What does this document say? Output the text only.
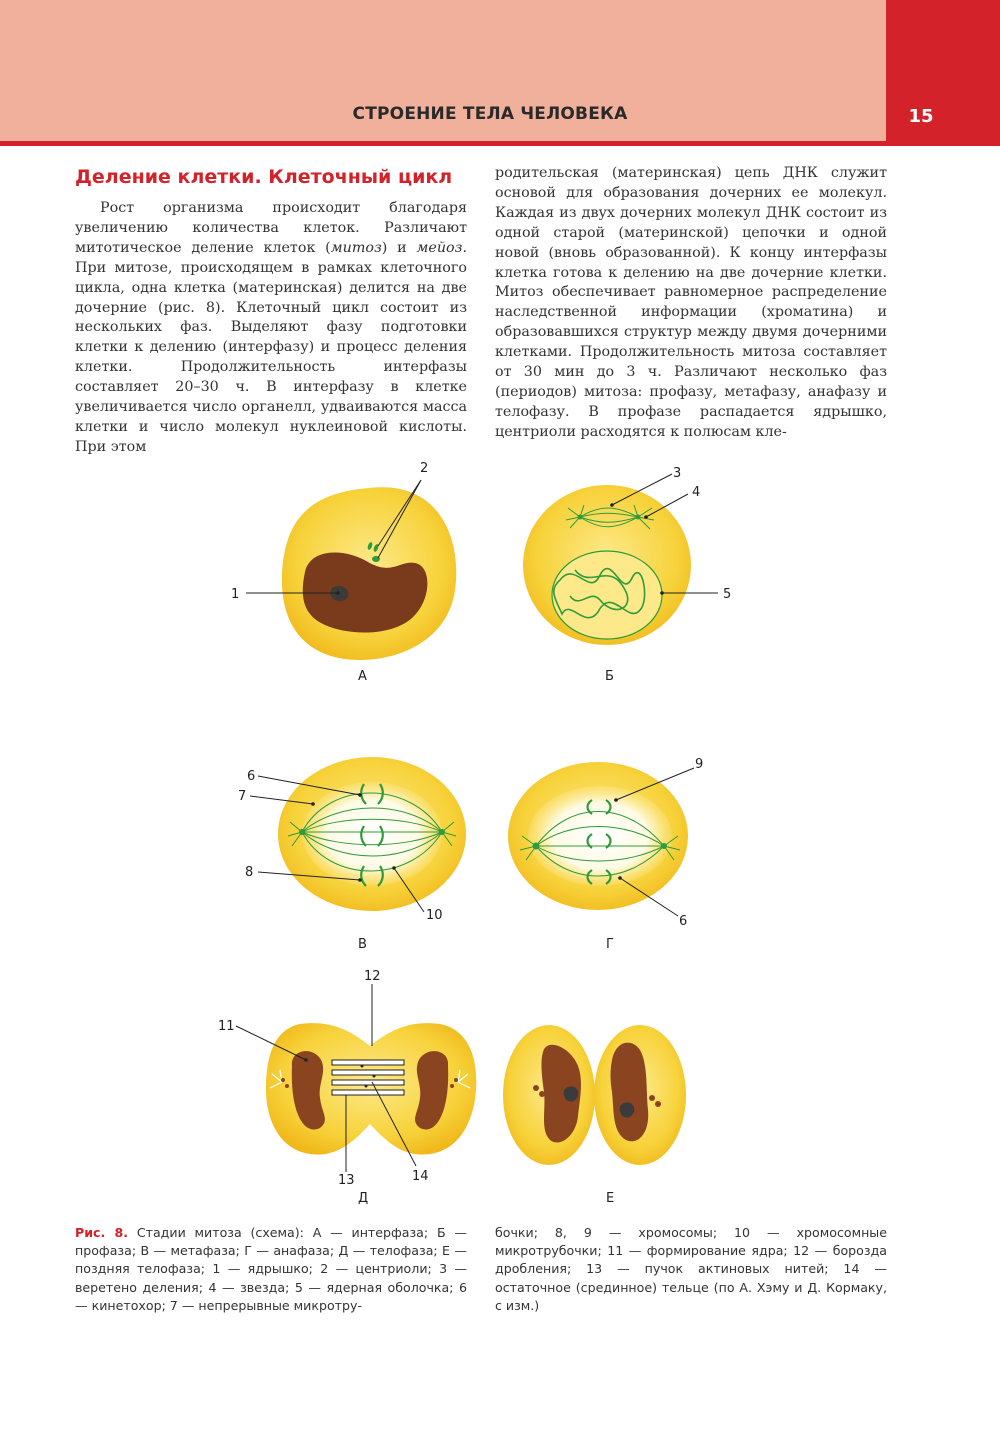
СТРОЕНИЕ ТЕЛА ЧЕЛОВЕКА	15
Деление клетки. Клеточный цикл

Рост организма происходит благодаря увеличению количества клеток. Различают митотическое деление клеток (митоз) и мейоз. При митозе, происходящем в рамках клеточного цикла, одна клетка (материнская) делится на две дочерние (рис. 8). Клеточный цикл состоит из нескольких фаз. Выделяют фазу подготовки клетки к делению (интерфазу) и процесс деления клетки. Продолжительность интерфазы составляет 20–30 ч. В интерфазу в клетке увеличивается число органелл, удваиваются масса клетки и число молекул нуклеиновой кислоты. При этом

родительская (материнская) цепь ДНК служит основой для образования дочерних ее молекул. Каждая из двух дочерних молекул ДНК состоит из одной старой (материнской) цепочки и одной новой (вновь образованной). К концу интерфазы клетка готова к делению на две дочерние клетки. Митоз обеспечивает равномерное распределение наследственной информации (хроматина) и образовавшихся структур между двумя дочерними клетками. Продолжительность митоза составляет от 30 мин до 3 ч. Различают несколько фаз (периодов) митоза: профазу, метафазу, анафазу и телофазу. В профазе распадается ядрышко, центриоли расходятся к полюсам кле-

1
2
А
3
4
5
Б
6
7
8
10
В
9
6
Г
11
12
13	14
Д	Е
Рис. 8. Стадии митоза (схема): А — интерфаза; Б — профаза; В — метафаза; Г — анафаза; Д — телофаза; Е — поздняя телофаза; 1 — ядрышко; 2 — центриоли; 3 — веретено деления; 4 — звезда; 5 — ядерная оболочка; 6 — кинетохор; 7 — непрерывные микротру-
бочки; 8, 9 — хромосомы; 10 — хромосомные микротрубочки; 11 — формирование ядра; 12 — борозда дробления; 13 — пучок актиновых нитей; 14 — остаточное (срединное) тельце (по А. Хэму и Д. Кормаку, с изм.)
